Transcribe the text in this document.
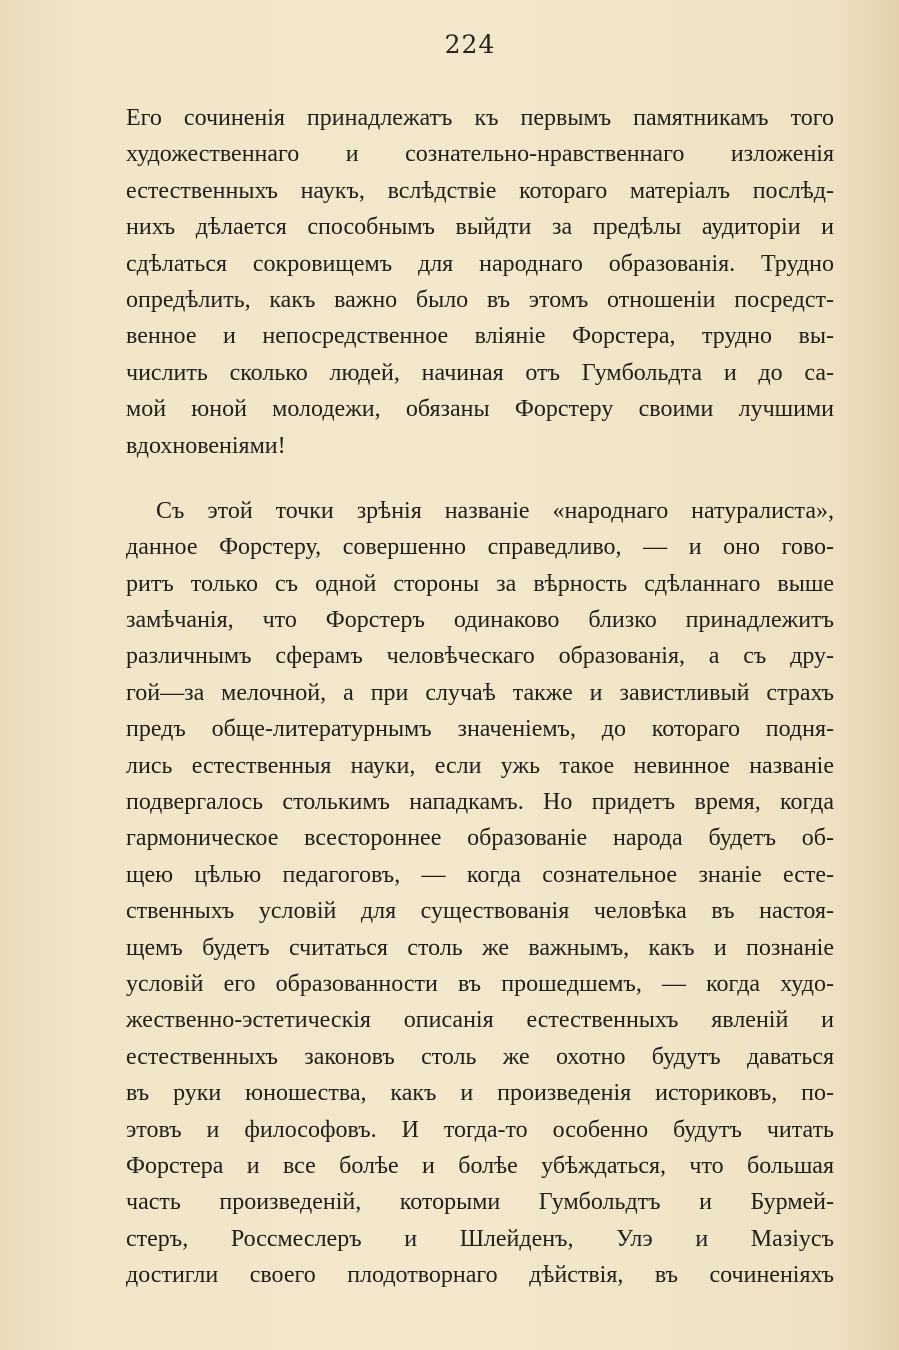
224
Его сочиненія принадлежатъ къ первымъ памятникамъ того
художественнаго и сознательно-нравственнаго изложенія
естественныхъ наукъ, вслѣдствіе котораго матеріалъ послѣд-
нихъ дѣлается способнымъ выйдти за предѣлы аудиторіи и
сдѣлаться сокровищемъ для народнаго образованія. Трудно
опредѣлить, какъ важно было въ этомъ отношеніи посредст-
венное и непосредственное вліяніе Форстера, трудно вы-
числить сколько людей, начиная отъ Гумбольдта и до са-
мой юной молодежи, обязаны Форстеру своими лучшими
вдохновеніями!
Съ этой точки зрѣнія названіе «народнаго натуралиста»,
данное Форстеру, совершенно справедливо, — и оно гово-
ритъ только съ одной стороны за вѣрность сдѣланнаго выше
замѣчанія, что Форстеръ одинаково близко принадлежитъ
различнымъ сферамъ человѣческаго образованія, а съ дру-
гой—за мелочной, а при случаѣ также и завистливый страхъ
предъ обще-литературнымъ значеніемъ, до котораго подня-
лись естественныя науки, если ужь такое невинное названіе
подвергалось столькимъ нападкамъ. Но придетъ время, когда
гармоническое всестороннее образованіе народа будетъ об-
щею цѣлью педагоговъ, — когда сознательное знаніе есте-
ственныхъ условій для существованія человѣка въ настоя-
щемъ будетъ считаться столь же важнымъ, какъ и познаніе
условій его образованности въ прошедшемъ, — когда худо-
жественно-эстетическія описанія естественныхъ явленій и
естественныхъ законовъ столь же охотно будутъ даваться
въ руки юношества, какъ и произведенія историковъ, по-
этовъ и философовъ. И тогда-то особенно будутъ читать
Форстера и все болѣе и болѣе убѣждаться, что большая
часть произведеній, которыми Гумбольдтъ и Бурмей-
стеръ, Россмеслеръ и Шлейденъ, Улэ и Мазіусъ
достигли своего плодотворнаго дѣйствія, въ сочиненіяхъ
